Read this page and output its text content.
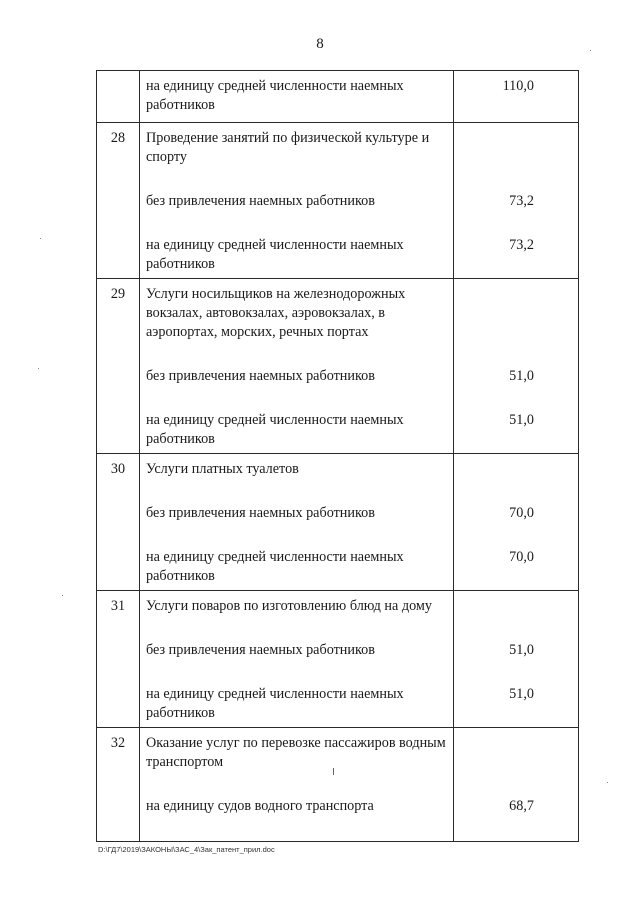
8
	на единицу средней численности наемных работников	110,0
28	Проведение занятий по физической культуре и спорту	
	без привлечения наемных работников	73,2
	на единицу средней численности наемных работников	73,2
29	Услуги носильщиков на железнодорожных вокзалах, автовокзалах, аэровокзалах, в аэропортах, морских, речных портах	
	без привлечения наемных работников	51,0
	на единицу средней численности наемных работников	51,0
30	Услуги платных туалетов	
	без привлечения наемных работников	70,0
	на единицу средней численности наемных работников	70,0
31	Услуги поваров по изготовлению блюд на дому	
	без привлечения наемных работников	51,0
	на единицу средней численности наемных работников	51,0
32	Оказание услуг по перевозке пассажиров водным транспортом	
	на единицу судов водного транспорта	68,7
D:\ГД7\2019\ЗАКОНЫ\ЗАС_4\Зак_патент_прил.doc
